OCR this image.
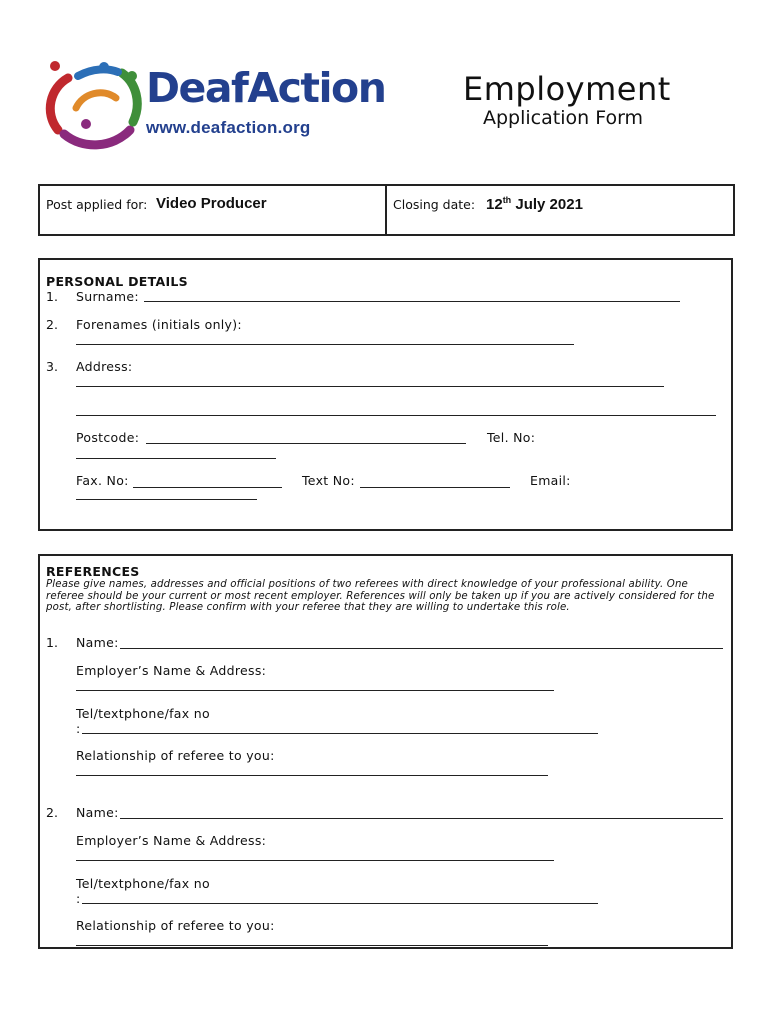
DeafAction
www.deafaction.org
Employment
Application Form
Post applied for: Video Producer	Closing date: 12th July 2021
PERSONAL DETAILS
1. Surname:
2. Forenames (initials only):
3. Address:
Postcode:	Tel. No:
Fax. No:	Text No:	Email:
REFERENCES
Please give names, addresses and official positions of two referees with direct knowledge of your professional ability. One referee should be your current or most recent employer. References will only be taken up if you are actively considered for the post, after shortlisting. Please confirm with your referee that they are willing to undertake this role.
1. Name:
Employer’s Name & Address:
Tel/textphone/fax no
:
Relationship of referee to you:
2. Name:
Employer’s Name & Address:
Tel/textphone/fax no
:
Relationship of referee to you:
